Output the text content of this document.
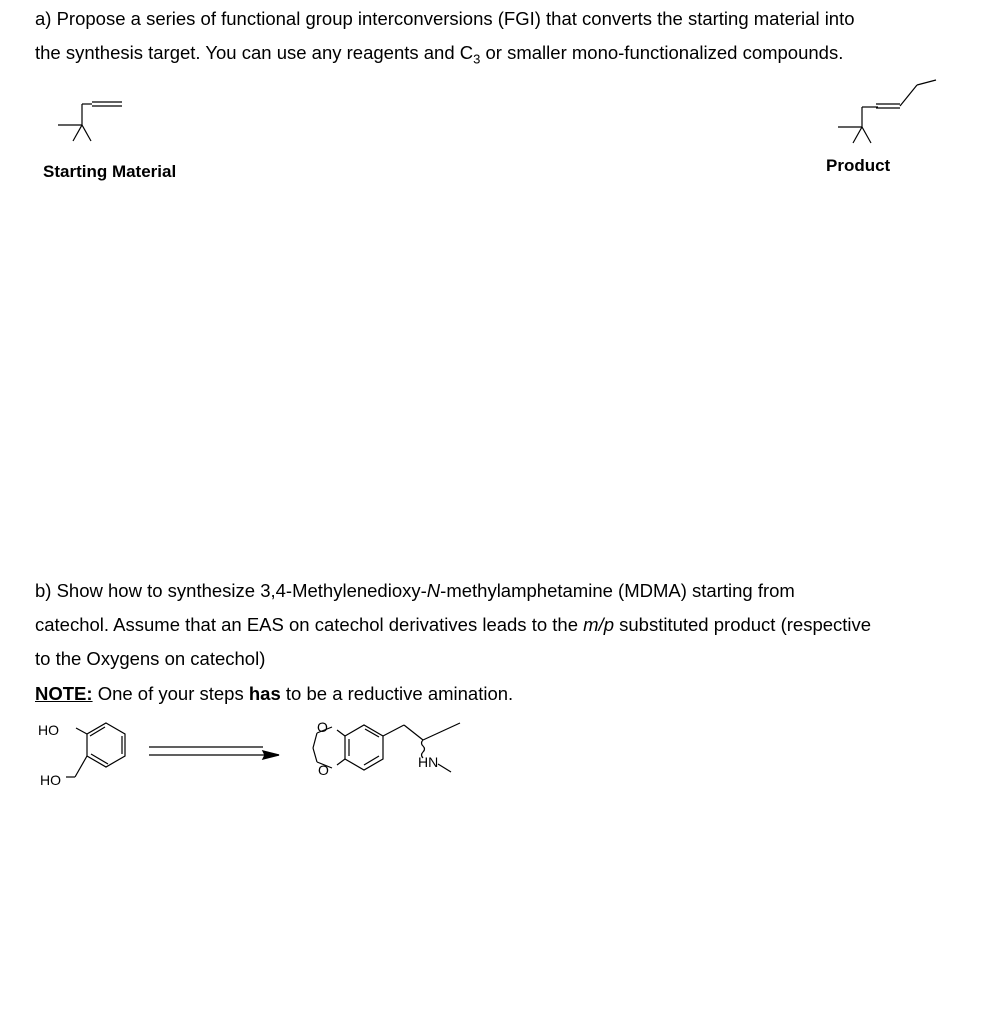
a) Propose a series of functional group interconversions (FGI) that converts the starting material into
the synthesis target. You can use any reagents and $C_3$ or smaller mono-functionalized compounds.
Starting Material	Product
b) Show how to synthesize 3,4-Methylenedioxy-N-methylamphetamine (MDMA) starting from
catechol. Assume that an EAS on catechol derivatives leads to the m/p substituted product (respective
to the Oxygens on catechol)
NOTE: One of your steps has to be a reductive amination.
HO
HO
O
O	HN
